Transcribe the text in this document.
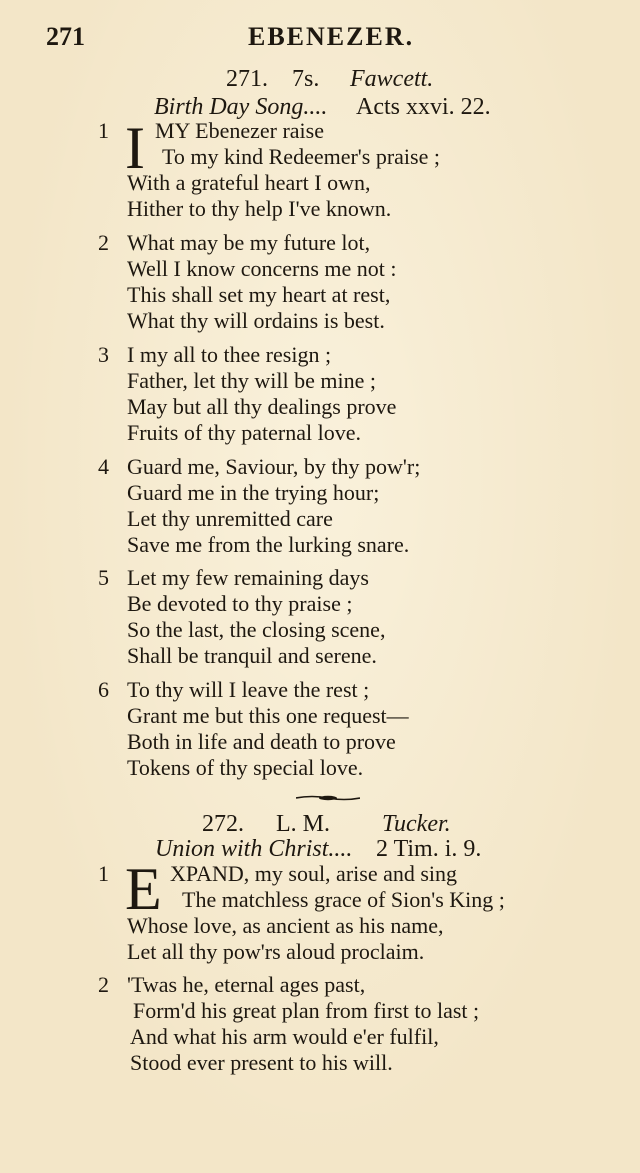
271	EBENEZER.
271. 7s. Fawcett.
Birth Day Song.... Acts xxvi. 22.
1 I MY Ebenezer raise
To my kind Redeemer's praise ;
With a grateful heart I own,
Hither to thy help I've known.
2 What may be my future lot,
Well I know concerns me not :
This shall set my heart at rest,
What thy will ordains is best.
3 I my all to thee resign ;
Father, let thy will be mine ;
May but all thy dealings prove
Fruits of thy paternal love.
4 Guard me, Saviour, by thy pow'r;
Guard me in the trying hour;
Let thy unremitted care
Save me from the lurking snare.
5 Let my few remaining days
Be devoted to thy praise ;
So the last, the closing scene,
Shall be tranquil and serene.
6 To thy will I leave the rest ;
Grant me but this one request—
Both in life and death to prove
Tokens of thy special love.
272. L. M. Tucker.
Union with Christ.... 2 Tim. i. 9.
1 E XPAND, my soul, arise and sing
The matchless grace of Sion's King ;
Whose love, as ancient as his name,
Let all thy pow'rs aloud proclaim.
2 'Twas he, eternal ages past,
Form'd his great plan from first to last ;
And what his arm would e'er fulfil,
Stood ever present to his will.
